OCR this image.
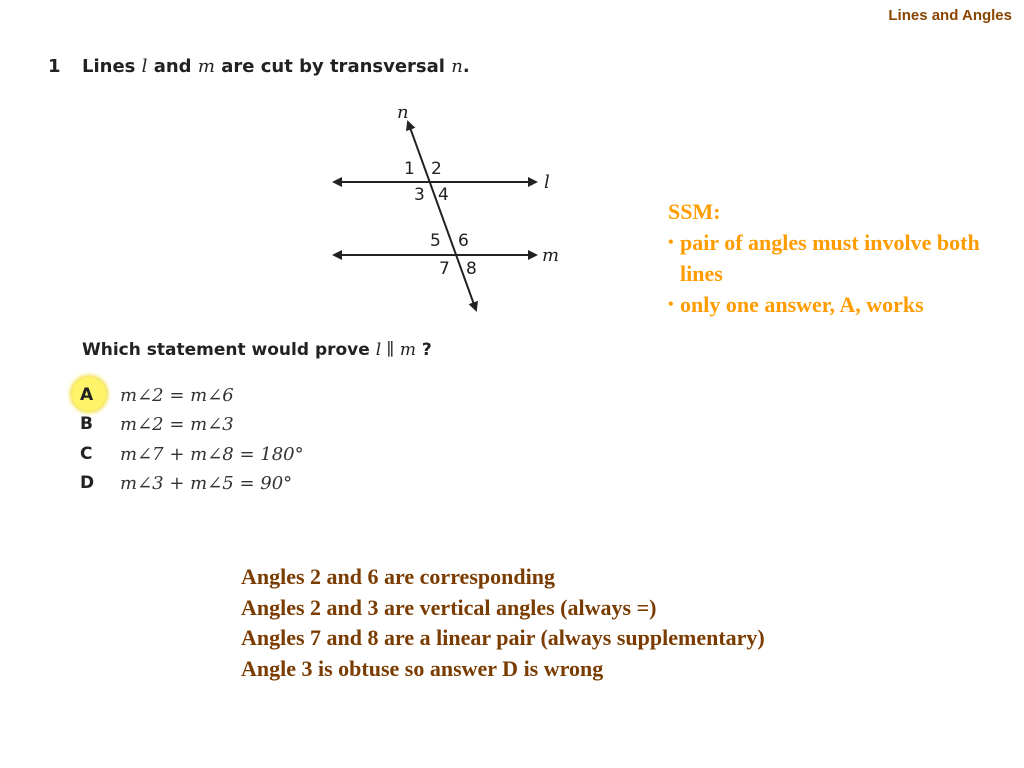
Lines and Angles
1 Lines l and m are cut by transversal n.
n
l
m
1 2
3 4
5 6
7 8
Which statement would prove l ∥ m ?
A	m∠2 = m∠6
B	m∠2 = m∠3
C	m∠7 + m∠8 = 180°
D	m∠3 + m∠5 = 90°
SSM:
• pair of angles must involve both lines
• only one answer, A, works
Angles 2 and 6 are corresponding
Angles 2 and 3 are vertical angles (always =)
Angles 7 and 8 are a linear pair (always supplementary)
Angle 3 is obtuse so answer D is wrong
